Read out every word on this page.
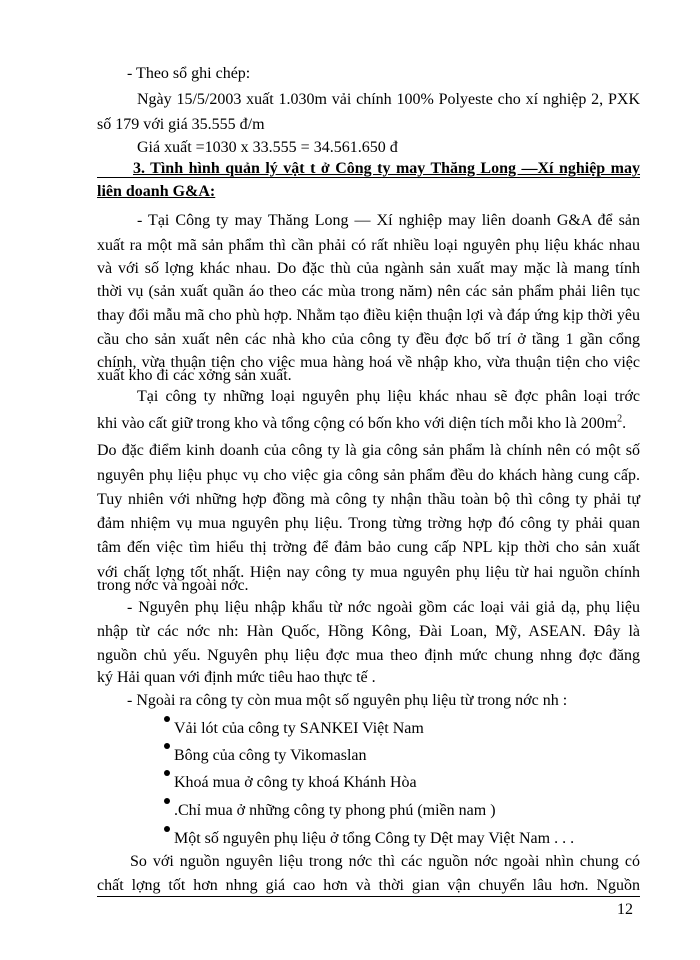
- Theo sổ ghi chép:
Ngày 15/5/2003 xuất 1.030m vải chính 100% Polyeste cho xí nghiệp 2, PXK
số 179 với giá 35.555 đ/m
Giá xuất =1030 x 33.555 = 34.561.650 đ
3. Tình hình quản lý vật t ở Công ty may Thăng Long —Xí nghiệp may
liên doanh G&A:
- Tại Công ty may Thăng Long — Xí nghiệp may liên doanh G&A để sản
xuất ra một mã sản phẩm thì cần phải có rất nhiều loại nguyên phụ liệu khác nhau
và với số lợng khác nhau. Do đặc thù của ngành sản xuất may mặc là mang tính
thời vụ (sản xuất quần áo theo các mùa trong năm) nên các sản phẩm phải liên tục
thay đổi mẫu mã cho phù hợp. Nhằm tạo điều kiện thuận lợi và đáp ứng kịp thời yêu
cầu cho sản xuất nên các nhà kho của công ty đều đợc bố trí ở tầng 1 gần cổng
chính, vừa thuận tiện cho việc mua hàng hoá về nhập kho, vừa thuận tiện cho việc
xuất kho đi các xởng sản xuất.
Tại công ty những loại nguyên phụ liệu khác nhau sẽ đợc phân loại trớc
khi vào cất giữ trong kho và tổng cộng có bốn kho với diện tích mỗi kho là $200m^2$.
Do đặc điểm kinh doanh của công ty là gia công sản phẩm là chính nên có một số
nguyên phụ liệu phục vụ cho việc gia công sản phẩm đều do khách hàng cung cấp.
Tuy nhiên với những hợp đồng mà công ty nhận thầu toàn bộ thì công ty phải tự
đảm nhiệm vụ mua nguyên phụ liệu. Trong từng trờng hợp đó công ty phải quan
tâm đến việc tìm hiểu thị trờng để đảm bảo cung cấp NPL kịp thời cho sản xuất
với chất lợng tốt nhất. Hiện nay công ty mua nguyên phụ liệu từ hai nguồn chính
trong nớc và ngoài nớc.
- Nguyên phụ liệu nhập khẩu từ nớc ngoài gồm các loại vải giả dạ, phụ liệu
nhập từ các nớc nh: Hàn Quốc, Hồng Kông, Đài Loan, Mỹ, ASEAN. Đây là
nguồn chủ yếu. Nguyên phụ liệu đợc mua theo định mức chung nhng đợc đăng
ký Hải quan với định mức tiêu hao thực tế .
- Ngoài ra công ty còn mua một số nguyên phụ liệu từ trong nớc nh :
Vải lót của công ty SANKEI Việt Nam
Bông của công ty Vikomaslan
Khoá mua ở công ty khoá Khánh Hòa
.Chỉ mua ở những công ty phong phú (miền nam )
Một số nguyên phụ liệu ở tổng Công ty Dệt may Việt Nam . . .
So với nguồn nguyên liệu trong nớc thì các nguồn nớc ngoài nhìn chung có
chất lợng tốt hơn nhng giá cao hơn và thời gian vận chuyển lâu hơn. Nguồn
12
